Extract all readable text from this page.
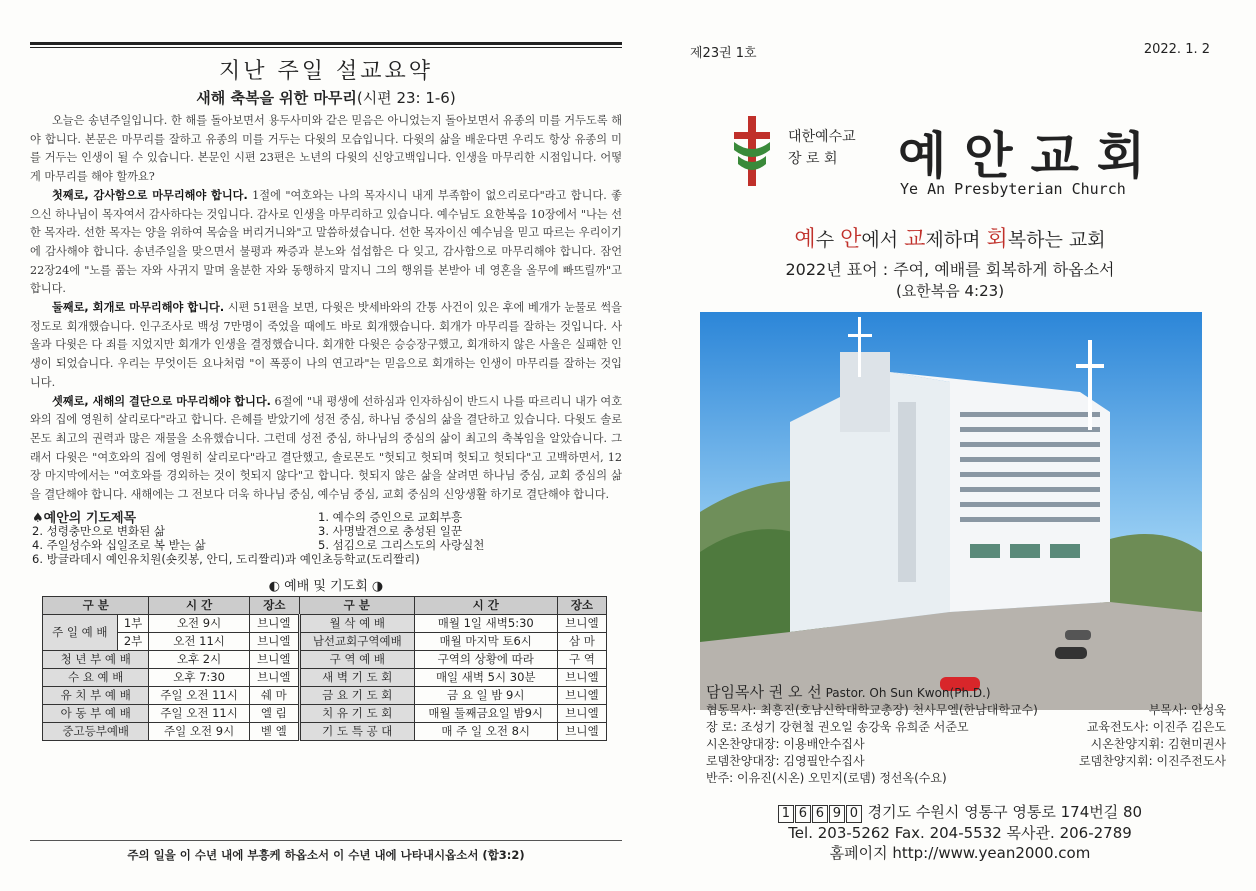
지난 주일 설교요약
새해 축복을 위한 마무리(시편 23: 1-6)

오늘은 송년주일입니다. 한 해를 돌아보면서 용두사미와 같은 믿음은 아니었는지 돌아보면서 유종의 미를 거두도록 해야 합니다. 본문은 마무리를 잘하고 유종의 미를 거두는 다윗의 모습입니다. 다윗의 삶을 배운다면 우리도 항상 유종의 미를 거두는 인생이 될 수 있습니다. 본문인 시편 23편은 노년의 다윗의 신앙고백입니다. 인생을 마무리한 시점입니다. 어떻게 마무리를 해야 할까요?

첫째로, 감사함으로 마무리해야 합니다. 1절에 "여호와는 나의 목자시니 내게 부족함이 없으리로다"라고 합니다. 좋으신 하나님이 목자여서 감사하다는 것입니다. 감사로 인생을 마무리하고 있습니다. 예수님도 요한복음 10장에서 "나는 선한 목자라. 선한 목자는 양을 위하여 목숨을 버리거니와"고 말씀하셨습니다. 선한 목자이신 예수님을 믿고 따르는 우리이기에 감사해야 합니다. 송년주일을 맞으면서 불평과 짜증과 분노와 섭섭함은 다 잊고, 감사함으로 마무리해야 합니다. 잠언22장24에 "노를 품는 자와 사귀지 말며 울분한 자와 동행하지 말지니 그의 행위를 본받아 네 영혼을 올무에 빠뜨릴까"고 합니다.

둘째로, 회개로 마무리해야 합니다. 시편 51편을 보면, 다윗은 밧세바와의 간통 사건이 있은 후에 베개가 눈물로 썩을 정도로 회개했습니다. 인구조사로 백성 7만명이 죽었을 때에도 바로 회개했습니다. 회개가 마무리를 잘하는 것입니다. 사울과 다윗은 다 죄를 지었지만 회개가 인생을 결정했습니다. 회개한 다윗은 승승장구했고, 회개하지 않은 사울은 실패한 인생이 되었습니다. 우리는 무엇이든 요나처럼 "이 폭풍이 나의 연고라"는 믿음으로 회개하는 인생이 마무리를 잘하는 것입니다.

셋째로, 새해의 결단으로 마무리해야 합니다. 6절에 "내 평생에 선하심과 인자하심이 반드시 나를 따르리니 내가 여호와의 집에 영원히 살리로다"라고 합니다. 은혜를 받았기에 성전 중심, 하나님 중심의 삶을 결단하고 있습니다. 다윗도 솔로몬도 최고의 권력과 많은 재물을 소유했습니다. 그런데 성전 중심, 하나님의 중심의 삶이 최고의 축복임을 알았습니다. 그래서 다윗은 "여호와의 집에 영원히 살리로다"라고 결단했고, 솔로몬도 "헛되고 헛되며 헛되고 헛되다"고 고백하면서, 12장 마지막에서는 "여호와를 경외하는 것이 헛되지 않다"고 합니다. 헛되지 않은 삶을 살려면 하나님 중심, 교회 중심의 삶을 결단해야 합니다. 새해에는 그 전보다 더욱 하나님 중심, 예수님 중심, 교회 중심의 신앙생활 하기로 결단해야 합니다.

♠예안의 기도제목	1. 예수의 증인으로 교회부흥
2. 성령충만으로 변화된 삶	3. 사명발견으로 충성된 일꾼
4. 주일성수와 십일조로 복 받는 삶	5. 섬김으로 그리스도의 사랑실천
6. 방글라데시 예인유치원(숏킷봉, 안디, 도리짤리)과 예인초등학교(도리짤리)
◐ 예배 및 기도회 ◑
구 분		시 간	장소	구 분	시 간	장소
주 일 예 배	1부	오전 9시	브니엘	월 삭 예 배	매월 1일 새벽5:30	브니엘
	2부	오전 11시	브니엘	남선교회구역예배	매월 마지막 토6시	삼 마
청 년 부 예 배		오후 2시	브니엘	구 역 예 배	구역의 상황에 따라	구 역
수 요 예 배		오후 7:30	브니엘	새 벽 기 도 회	매일 새벽 5시 30분	브니엘
유 치 부 예 배		주일 오전 11시	쉐 마	금 요 기 도 회	금 요 일 밤 9시	브니엘
아 동 부 예 배		주일 오전 11시	엘 림	치 유 기 도 회	매월 둘째금요일 밤9시	브니엘
중고등부예배		주일 오전 9시	벧 엘	기 도 특 공 대	매 주 일 오전 8시	브니엘
주의 일을 이 수년 내에 부흥케 하옵소서 이 수년 내에 나타내시옵소서 (합3:2)
제23권 1호	2022. 1. 2
대한예수교
장 로 회	예안교회
Ye An Presbyterian Church
예수 안에서 교제하며 회복하는 교회
2022년 표어 : 주여, 예배를 회복하게 하옵소서
(요한복음 4:23)
담임목사 권 오 선 Pastor. Oh Sun Kwon(Ph.D.)
협동목사: 최흥진(호남신학대학교총장) 천사무엘(한남대학교수)	부목사: 안성욱
장 로: 조성기 강현철 권오일 송강욱 유희준 서준모	교육전도사: 이진주 김은도
시온찬양대장: 이용배안수집사	시온찬양지휘: 김현미권사
로뎀찬양대장: 김영필안수집사	로뎀찬양지휘: 이진주전도사
반주: 이유진(시온) 오민지(로뎀) 정선옥(수요)
1 6 6 9 0 경기도 수원시 영통구 영통로 174번길 80
Tel. 203-5262 Fax. 204-5532 목사관. 206-2789
홈페이지 http://www.yean2000.com
